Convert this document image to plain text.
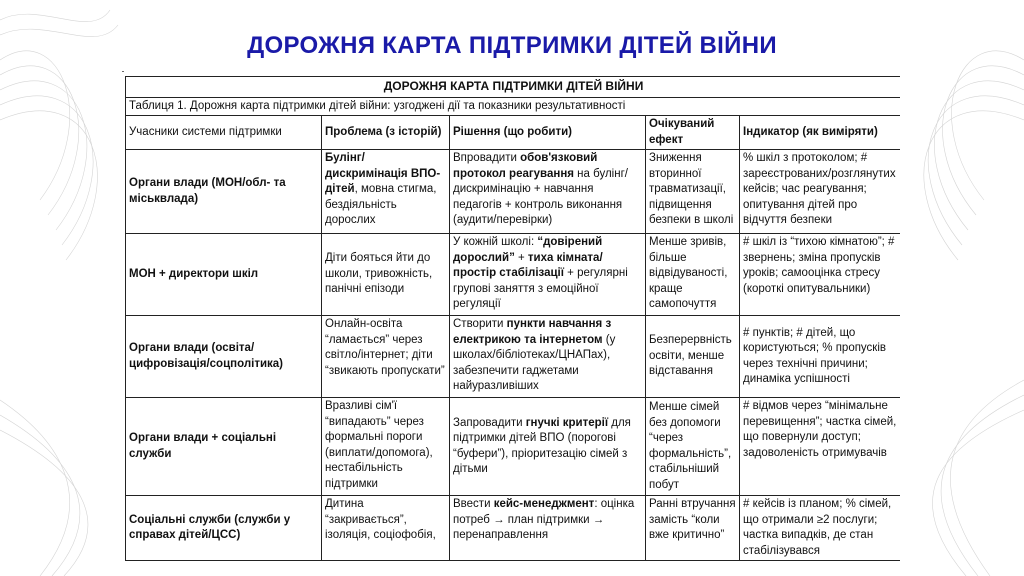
ДОРОЖНЯ КАРТА ПІДТРИМКИ ДІТЕЙ ВІЙНИ
ДОРОЖНЯ КАРТА ПІДТРИМКИ ДІТЕЙ ВІЙНИ				
Таблиця 1. Дорожня карта підтримки дітей війни: узгоджені дії та показники результативності				
Учасники системи підтримки	Проблема (з історій)	Рішення (що робити)	Очікуваний ефект	Індикатор (як виміряти)
Органи влади (МОН/обл- та міськвлада)	Булінг/дискримінація ВПО-дітей, мовна стигма, бездіяльність дорослих	Впровадити обов'язковий протокол реагування на булінг/дискримінацію + навчання педагогів + контроль виконання (аудити/перевірки)	Зниження вторинної травматизації, підвищення безпеки в школі	% шкіл з протоколом; # зареєстрованих/розглянутих кейсів; час реагування; опитування дітей про відчуття безпеки
МОН + директори шкіл	Діти бояться йти до школи, тривожність, панічні епізоди	У кожній школі: “довірений дорослий” + тиха кімната/простір стабілізації + регулярні групові заняття з емоційної регуляції	Менше зривів, більше відвідуваності, краще самопочуття	# шкіл із “тихою кімнатою”; # звернень; зміна пропусків уроків; самооцінка стресу (короткі опитувальники)
Органи влади (освіта/цифровізація/соцполітика)	Онлайн-освіта “ламається” через світло/інтернет; діти “звикають пропускати”	Створити пункти навчання з електрикою та інтернетом (у школах/бібліотеках/ЦНАПах), забезпечити гаджетами найуразливіших	Безперервність освіти, менше відставання	# пунктів; # дітей, що користуються; % пропусків через технічні причини; динаміка успішності
Органи влади + соціальні служби	Вразливі сім'ї “випадають” через формальні пороги (виплати/допомога), нестабільність підтримки	Запровадити гнучкі критерії для підтримки дітей ВПО (порогові “буфери”), пріоритезацію сімей з дітьми	Менше сімей без допомоги “через формальність”, стабільніший побут	# відмов через “мінімальне перевищення”; частка сімей, що повернули доступ; задоволеність отримувачів
Соціальні служби (служби у справах дітей/ЦСС)	Дитина “закривається”, ізоляція, соціофобія,	Ввести кейс-менеджмент: оцінка потреб → план підтримки → перенаправлення	Ранні втручання замість “коли вже критично”	# кейсів із планом; % сімей, що отримали ≥2 послуги; частка випадків, де стан стабілізувався
